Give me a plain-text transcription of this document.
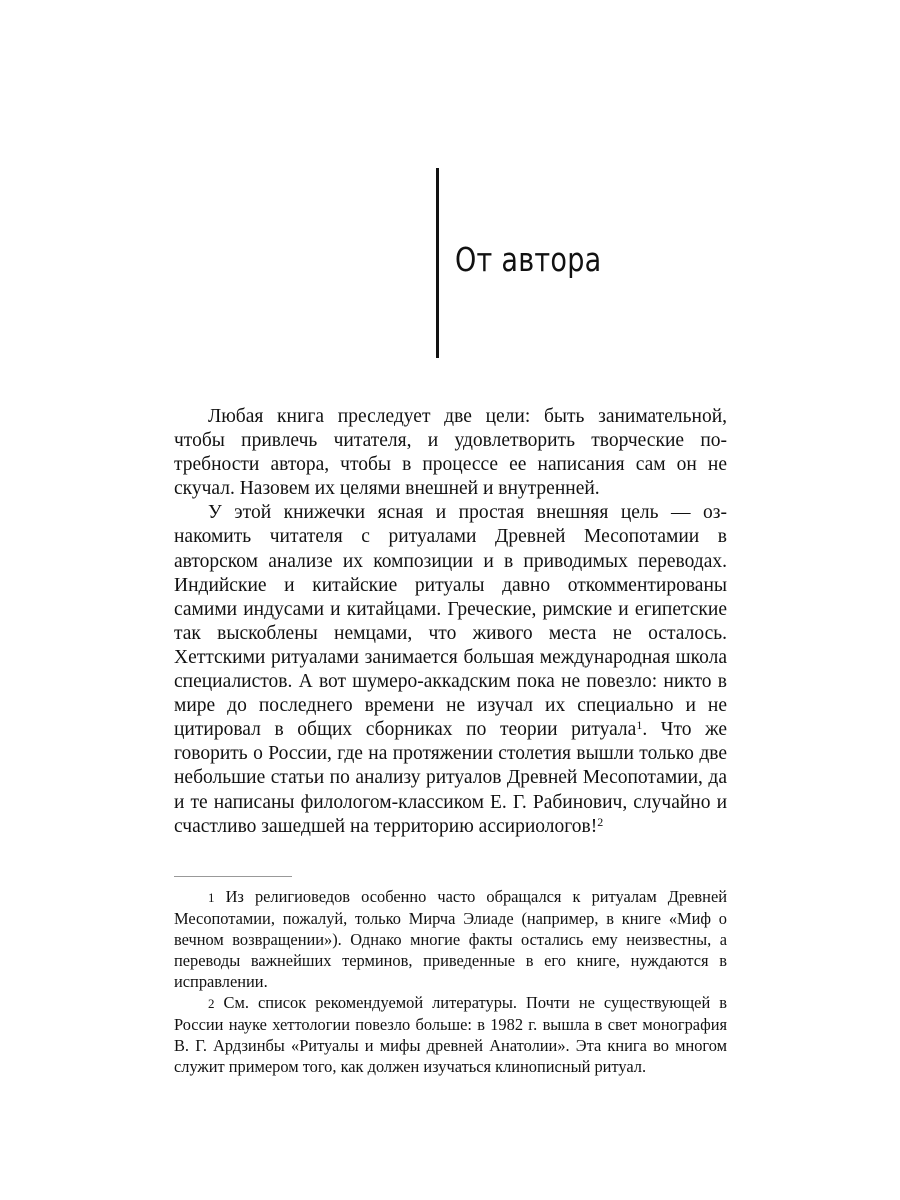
От автора

Любая книга преследует две цели: быть занимательной, чтобы привлечь читателя, и удовлетворить творческие потребности автора, чтобы в процессе ее написания сам он не скучал. Назовем их целями внешней и внутренней.

У этой книжечки ясная и простая внешняя цель — ознакомить читателя с ритуалами Древней Месопотамии в авторском анализе их композиции и в приводимых переводах. Индийские и китайские ритуалы давно откомментированы самими индусами и китайцами. Греческие, римские и египетские так выскоблены немцами, что живого места не осталось. Хеттскими ритуалами занимается большая международная школа специалистов. А вот шумеро-аккадским пока не повезло: никто в мире до последнего времени не изучал их специально и не цитировал в общих сборниках по теории ритуала$^1$. Что же говорить о России, где на протяжении столетия вышли только две небольшие статьи по анализу ритуалов Древней Месопотамии, да и те написаны филологом-классиком Е. Г. Рабинович, случайно и счастливо зашедшей на территорию ассириологов!$^2$

1 Из религиоведов особенно часто обращался к ритуалам Древней Месопотамии, пожалуй, только Мирча Элиаде (например, в книге «Миф о вечном возвращении»). Однако многие факты остались ему неизвестны, а переводы важнейших терминов, приведенные в его книге, нуждаются в исправлении.

2 См. список рекомендуемой литературы. Почти не существующей в России науке хеттологии повезло больше: в 1982 г. вышла в свет монография В. Г. Ардзинбы «Ритуалы и мифы древней Анатолии». Эта книга во многом служит примером того, как должен изучаться клинописный ритуал.
